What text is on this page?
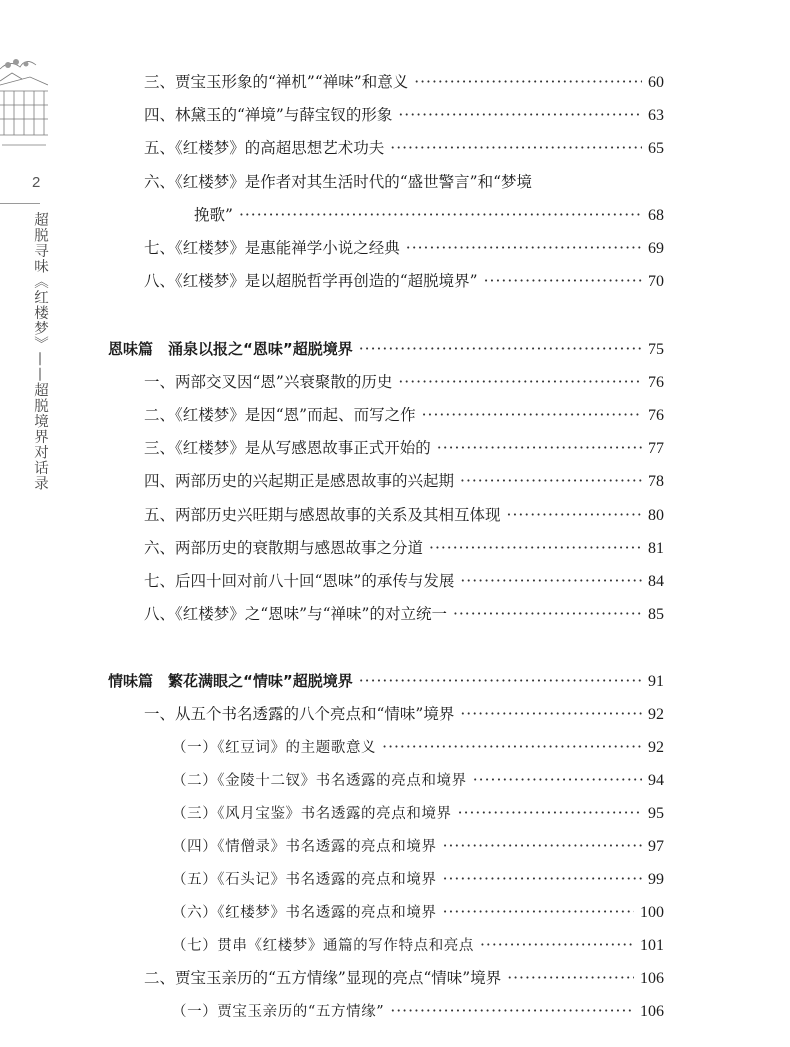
2
超脱寻味《红楼梦》——超脱境界对话录
三、贾宝玉形象的“禅机”“禅味”和意义 ·····	60
四、林黛玉的“禅境”与薛宝钗的形象 ·····	63
五、《红楼梦》的高超思想艺术功夫 ·····	65
六、《红楼梦》是作者对其生活时代的“盛世警言”和“梦境
挽歌” ·····	68
七、《红楼梦》是惠能禅学小说之经典 ·····	69
八、《红楼梦》是以超脱哲学再创造的“超脱境界” ·····	70
恩味篇　涌泉以报之“恩味”超脱境界 ·····	75
一、两部交叉因“恩”兴衰聚散的历史 ·····	76
二、《红楼梦》是因“恩”而起、而写之作 ·····	76
三、《红楼梦》是从写感恩故事正式开始的 ·····	77
四、两部历史的兴起期正是感恩故事的兴起期 ·····	78
五、两部历史兴旺期与感恩故事的关系及其相互体现 ·····	80
六、两部历史的衰散期与感恩故事之分道 ·····	81
七、后四十回对前八十回“恩味”的承传与发展 ·····	84
八、《红楼梦》之“恩味”与“禅味”的对立统一 ·····	85
情味篇　繁花满眼之“情味”超脱境界 ·····	91
一、从五个书名透露的八个亮点和“情味”境界 ·····	92
（一）《红豆词》的主题歌意义 ·····	92
（二）《金陵十二钗》书名透露的亮点和境界 ·····	94
（三）《风月宝鉴》书名透露的亮点和境界 ·····	95
（四）《情僧录》书名透露的亮点和境界 ·····	97
（五）《石头记》书名透露的亮点和境界 ·····	99
（六）《红楼梦》书名透露的亮点和境界 ·····	100
（七）贯串《红楼梦》通篇的写作特点和亮点 ·····	101
二、贾宝玉亲历的“五方情缘”显现的亮点“情味”境界 ·····	106
（一）贾宝玉亲历的“五方情缘” ·····	106
